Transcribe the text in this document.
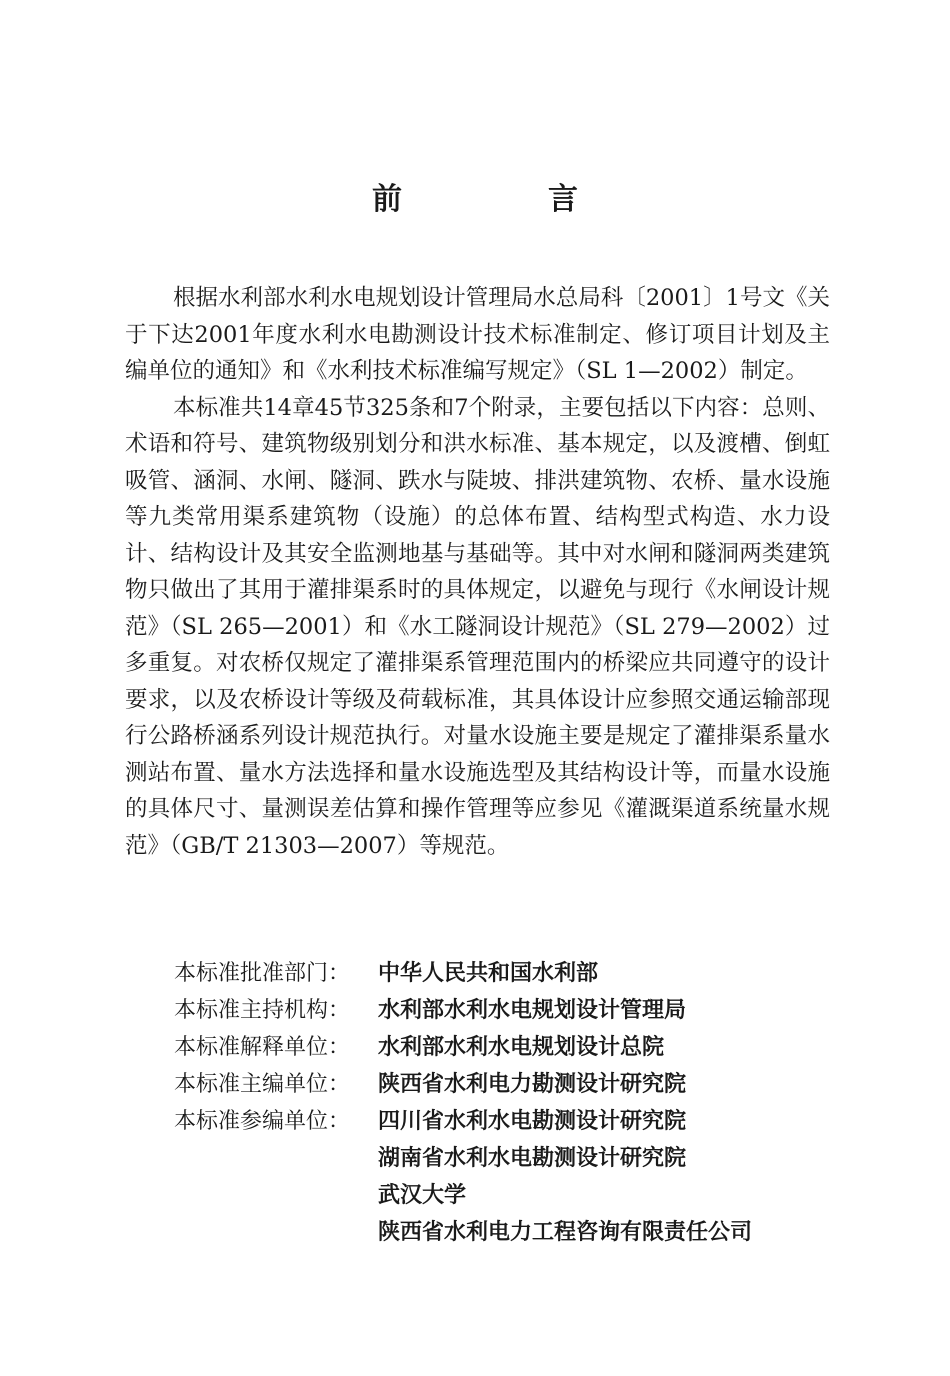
前　言

根据水利部水利水电规划设计管理局水总局科〔2001〕1号文《关于下达2001年度水利水电勘测设计技术标准制定、修订项目计划及主编单位的通知》和《水利技术标准编写规定》（SL 1—2002）制定。

本标准共14章45节325条和7个附录，主要包括以下内容：总则、术语和符号、建筑物级别划分和洪水标准、基本规定，以及渡槽、倒虹吸管、涵洞、水闸、隧洞、跌水与陡坡、排洪建筑物、农桥、量水设施等九类常用渠系建筑物（设施）的总体布置、结构型式构造、水力设计、结构设计及其安全监测地基与基础等。其中对水闸和隧洞两类建筑物只做出了其用于灌排渠系时的具体规定，以避免与现行《水闸设计规范》（SL 265—2001）和《水工隧洞设计规范》（SL 279—2002）过多重复。对农桥仅规定了灌排渠系管理范围内的桥梁应共同遵守的设计要求，以及农桥设计等级及荷载标准，其具体设计应参照交通运输部现行公路桥涵系列设计规范执行。对量水设施主要是规定了灌排渠系量水测站布置、量水方法选择和量水设施选型及其结构设计等，而量水设施的具体尺寸、量测误差估算和操作管理等应参见《灌溉渠道系统量水规范》（GB/T 21303—2007）等规范。

本标准批准部门：	中华人民共和国水利部
本标准主持机构：	水利部水利水电规划设计管理局
本标准解释单位：	水利部水利水电规划设计总院
本标准主编单位：	陕西省水利电力勘测设计研究院
本标准参编单位：	四川省水利水电勘测设计研究院
湖南省水利水电勘测设计研究院
武汉大学
陕西省水利电力工程咨询有限责任公司
